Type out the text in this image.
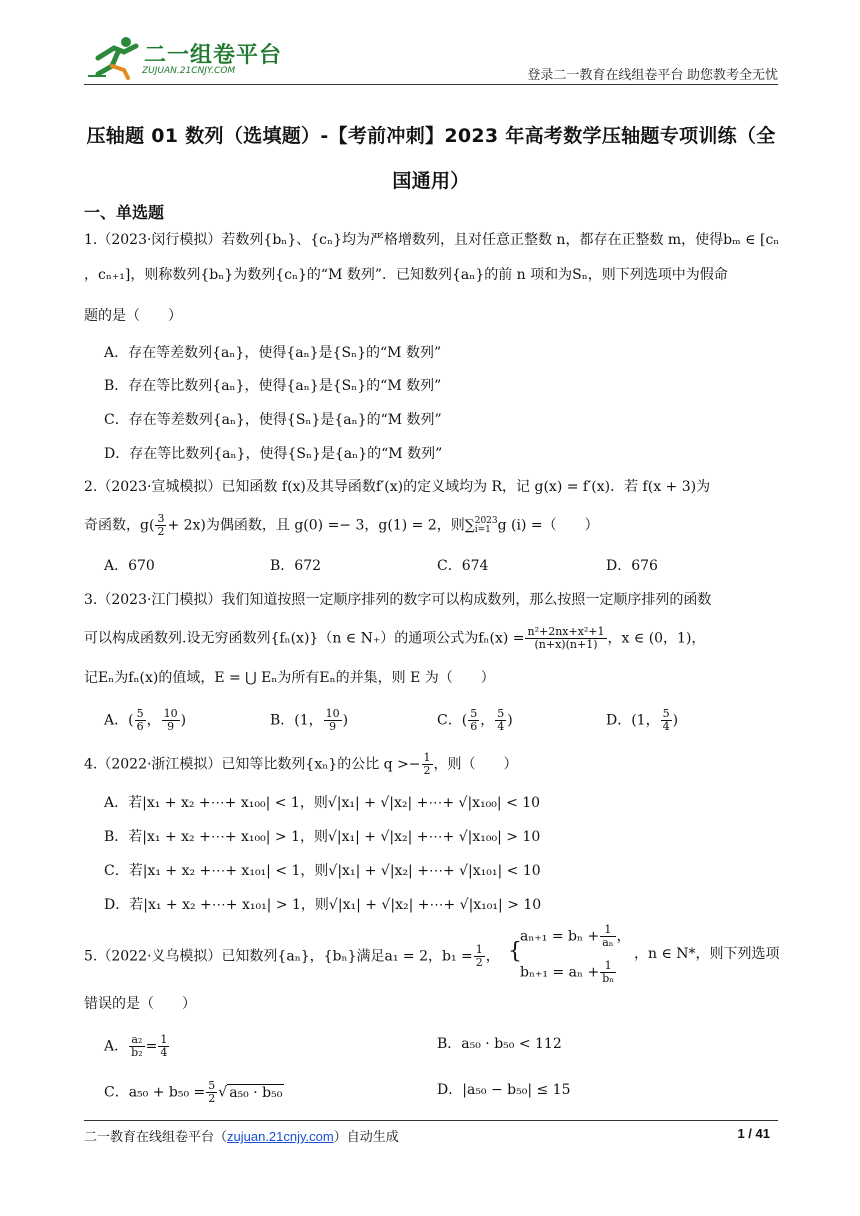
二一组卷平台
ZUJUAN.21CNJY.COM	登录二一教育在线组卷平台 助您教考全无忧
压轴题 01 数列（选填题）-【考前冲刺】2023 年高考数学压轴题专项训练（全
国通用）
一、单选题
1.（2023·闵行模拟）若数列{bₙ}、{cₙ}均为严格增数列，且对任意正整数 n，都存在正整数 m，使得bₘ ∈ [cₙ
，cₙ₊₁]，则称数列{bₙ}为数列{cₙ}的“M 数列”．已知数列{aₙ}的前 n 项和为Sₙ，则下列选项中为假命
题的是（　　）
A．存在等差数列{aₙ}，使得{aₙ}是{Sₙ}的“M 数列”
B．存在等比数列{aₙ}，使得{aₙ}是{Sₙ}的“M 数列”
C．存在等差数列{aₙ}，使得{Sₙ}是{aₙ}的“M 数列”
D．存在等比数列{aₙ}，使得{Sₙ}是{aₙ}的“M 数列”
2.（2023·宣城模拟）已知函数 f(x)及其导函数f′(x)的定义域均为 R，记 g(x) = f′(x)．若 f(x + 3)为
奇函数，$g( \frac{3}{2} + 2x)$为偶函数，且 g(0) =− 3，g(1) = 2，则∑2023
i=1 g (i) =（　　）
A．670	B．672	C．674	D．676
3.（2023·江门模拟）我们知道按照一定顺序排列的数字可以构成数列，那么按照一定顺序排列的函数
可以构成函数列.设无穷函数列{fₙ(x)}（n ∈ N₊）的通项公式为$f_n(x) = \frac{\text{n²+2nx+x²+1}}{(n+x)(n+1)}$ ，x ∈ (0，1)，
记Eₙ为fₙ(x)的值域，E = ⋃ Eₙ为所有Eₙ的并集，则 E 为（　　）
A．( $\frac{5}{6}$ ， $\frac{10}{9}$ )	B．(1， $\frac{10}{9}$ )	C．( $\frac{5}{6}$ ， $\frac{5}{4}$ )	D．(1， $\frac{5}{4}$ )
4.（2022·浙江模拟）已知等比数列{xₙ}的公比 $q >- \frac{1}{2}$ ，则（　　）
A．若|x₁ + x₂ +⋯+ x₁₀₀| < 1，则√|x₁| + √|x₂| +⋯+ √|x₁₀₀| < 10
B．若|x₁ + x₂ +⋯+ x₁₀₀| > 1，则√|x₁| + √|x₂| +⋯+ √|x₁₀₀| > 10
C．若|x₁ + x₂ +⋯+ x₁₀₁| < 1，则√|x₁| + √|x₂| +⋯+ √|x₁₀₁| < 10
D．若|x₁ + x₂ +⋯+ x₁₀₁| > 1，则√|x₁| + √|x₂| +⋯+ √|x₁₀₁| > 10
5.（2022·义乌模拟）已知数列{aₙ}，{bₙ}满足a₁ = 2，$b_1 = \frac{1}{2}$ ， {
$a_{n+1} = b_n + \frac{1}{\text{aₙ}}$ ，
$b_{n+1} = a_n + \frac{1}{\text{bₙ}}$
，n ∈ N*，则下列选项
错误的是（　　）
A． $\frac{\text{a₂}}{\text{b₂}} = \frac{1}{4}$	B．a₅₀ · b₅₀ < 112
C．$a_{50} + b_{50} = \frac{5}{2}$ √ a₅₀ · b₅₀	D．|a₅₀ − b₅₀| ≤ 15
二一教育在线组卷平台（zujuan.21cnjy.com）自动生成	1 / 41
